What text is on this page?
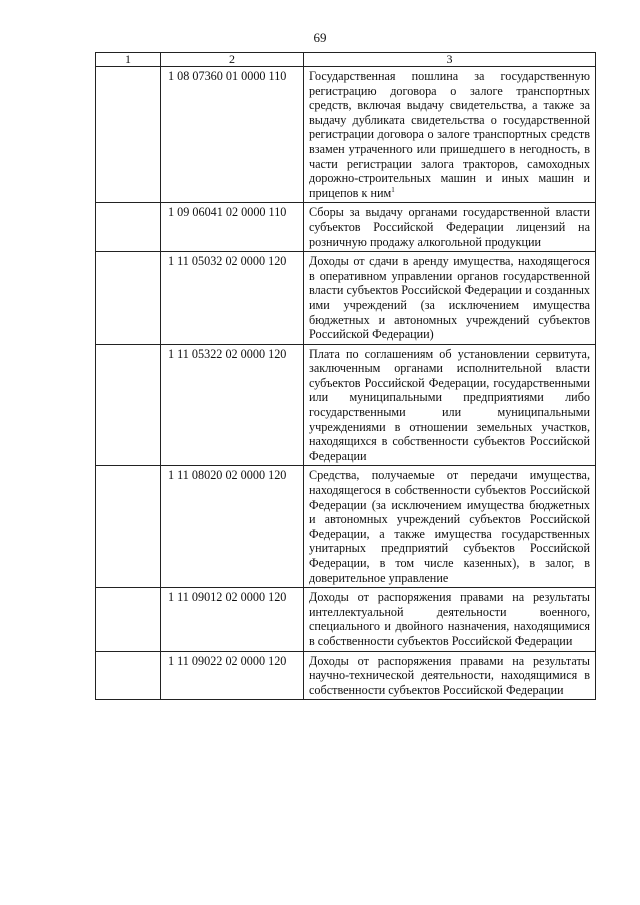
69
1	2	3
	1 08 07360 01 0000 110	Государственная пошлина за государственную регистрацию договора о залоге транспортных средств, включая выдачу свидетельства, а также за выдачу дубликата свидетельства о государственной регистрации договора о залоге транспортных средств взамен утраченного или пришедшего в негодность, в части регистрации залога тракторов, самоходных дорожно-строительных машин и иных машин и прицепов к ним$^1$
	1 09 06041 02 0000 110	Сборы за выдачу органами государственной власти субъектов Российской Федерации лицензий на розничную продажу алкогольной продукции
	1 11 05032 02 0000 120	Доходы от сдачи в аренду имущества, находящегося в оперативном управлении органов государственной власти субъектов Российской Федерации и созданных ими учреждений (за исключением имущества бюджетных и автономных учреждений субъектов Российской Федерации)
	1 11 05322 02 0000 120	Плата по соглашениям об установлении сервитута, заключенным органами исполнительной власти субъектов Российской Федерации, государственными или муниципальными предприятиями либо государственными или муниципальными учреждениями в отношении земельных участков, находящихся в собственности субъектов Российской Федерации
	1 11 08020 02 0000 120	Средства, получаемые от передачи имущества, находящегося в собственности субъектов Российской Федерации (за исключением имущества бюджетных и автономных учреждений субъектов Российской Федерации, а также имущества государственных унитарных предприятий субъектов Российской Федерации, в том числе казенных), в залог, в доверительное управление
	1 11 09012 02 0000 120	Доходы от распоряжения правами на результаты интеллектуальной деятельности военного, специального и двойного назначения, находящимися в собственности субъектов Российской Федерации
	1 11 09022 02 0000 120	Доходы от распоряжения правами на результаты научно-технической деятельности, находящимися в собственности субъектов Российской Федерации
